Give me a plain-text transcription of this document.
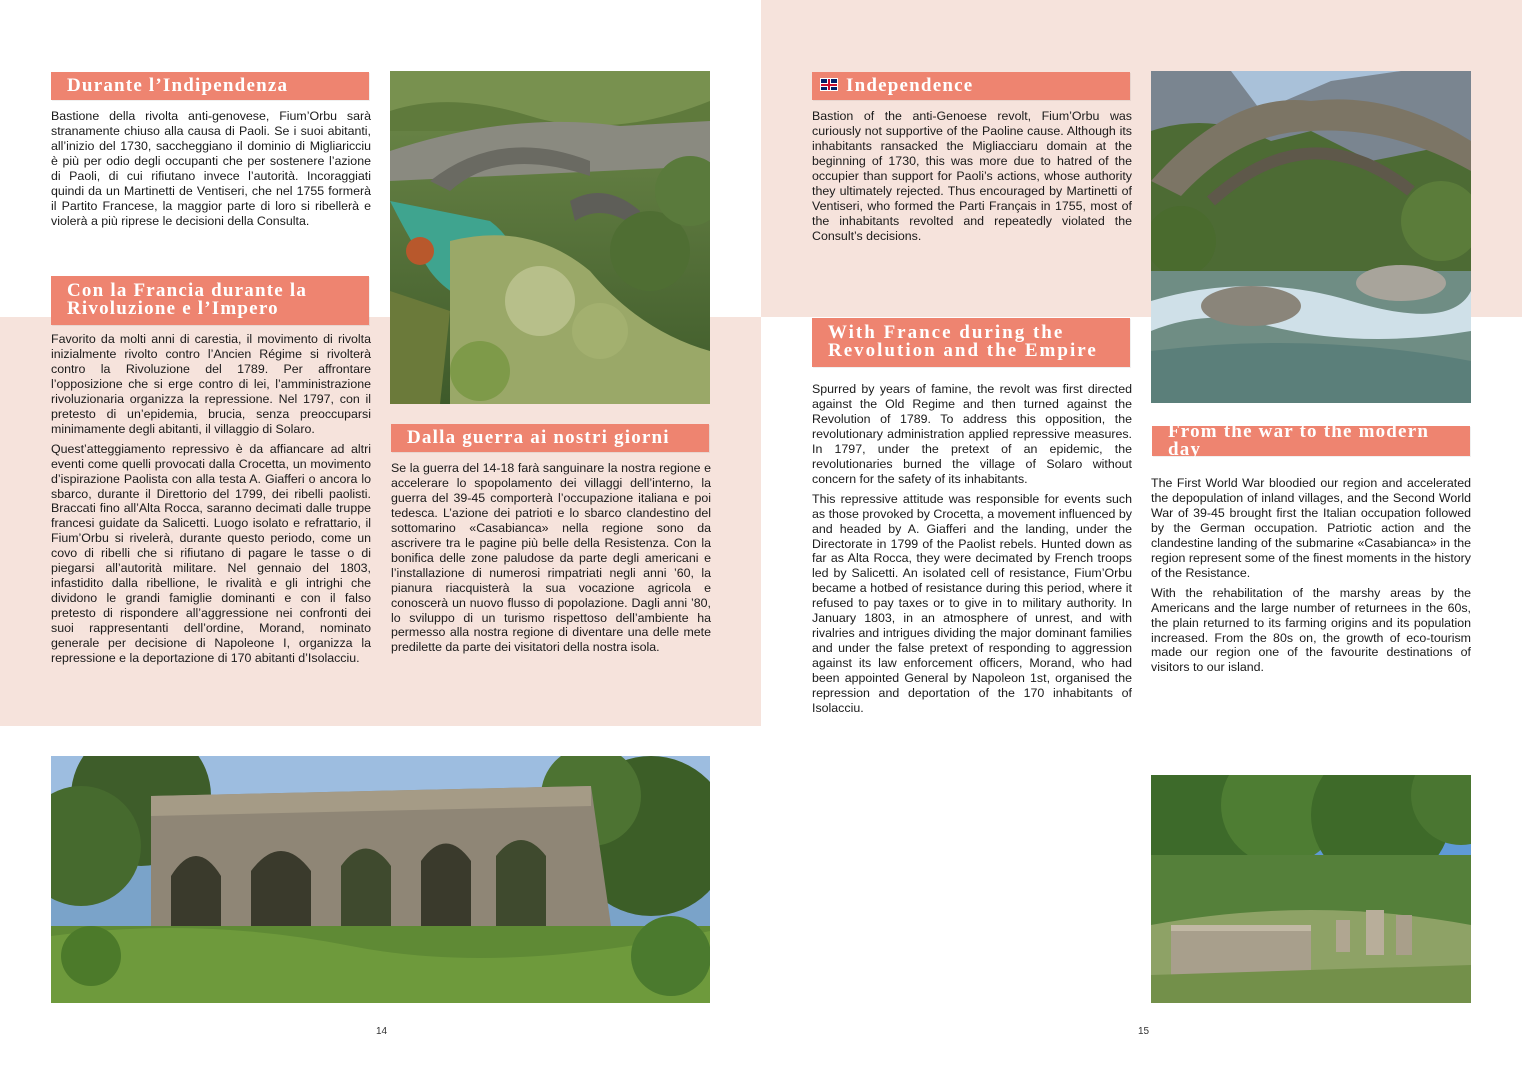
Durante l’Indipendenza

Bastione della rivolta anti-genovese, Fium’Orbu sarà stranamente chiuso alla causa di Paoli. Se i suoi abitanti, all’inizio del 1730, saccheggiano il dominio di Migliaricciu è più per odio degli occupanti che per sostenere l’azione di Paoli, di cui rifiutano invece l’autorità. Incoraggiati quindi da un Martinetti de Ventiseri, che nel 1755 formerà il Partito Francese, la maggior parte di loro si ribellerà e violerà a più riprese le decisioni della Consulta.

Con la Francia durante la
Rivoluzione e l’Impero

Favorito da molti anni di carestia, il movimento di rivolta inizialmente rivolto contro l’Ancien Régime si rivolterà contro la Rivoluzione del 1789. Per affrontare l’opposizione che si erge contro di lei, l’amministrazione rivoluzionaria organizza la repressione. Nel 1797, con il pretesto di un’epidemia, brucia, senza preoccuparsi minimamente degli abitanti, il villaggio di Solaro.

Quest’atteggiamento repressivo è da affiancare ad altri eventi come quelli provocati dalla Crocetta, un movimento d’ispirazione Paolista con alla testa A. Giafferi o ancora lo sbarco, durante il Direttorio del 1799, dei ribelli paolisti. Braccati fino all’Alta Rocca, saranno decimati dalle truppe francesi guidate da Salicetti. Luogo isolato e refrattario, il Fium’Orbu si rivelerà, durante questo periodo, come un covo di ribelli che si rifiutano di pagare le tasse o di piegarsi all’autorità militare. Nel gennaio del 1803, infastidito dalla ribellione, le rivalità e gli intrighi che dividono le grandi famiglie dominanti e con il falso pretesto di rispondere all’aggressione nei confronti dei suoi rappresentanti dell’ordine, Morand, nominato generale per decisione di Napoleone I, organizza la repressione e la deportazione di 170 abitanti d’Isolacciu.

Dalla guerra ai nostri giorni

Se la guerra del 14-18 farà sanguinare la nostra regione e accelerare lo spopolamento dei villaggi dell’interno, la guerra del 39-45 comporterà l’occupazione italiana e poi tedesca. L’azione dei patrioti e lo sbarco clandestino del sottomarino «Casabianca» nella regione sono da ascrivere tra le pagine più belle della Resistenza. Con la bonifica delle zone paludose da parte degli americani e l’installazione di numerosi rimpatriati negli anni ’60, la pianura riacquisterà la sua vocazione agricola e conoscerà un nuovo flusso di popolazione. Dagli anni ’80, lo sviluppo di un turismo rispettoso dell’ambiente ha permesso alla nostra regione di diventare una delle mete predilette da parte dei visitatori della nostra isola.

14
Independence

Bastion of the anti-Genoese revolt, Fium’Orbu was curiously not supportive of the Paoline cause. Although its inhabitants ransacked the Migliacciaru domain at the beginning of 1730, this was more due to hatred of the occupier than support for Paoli’s actions, whose authority they ultimately rejected. Thus encouraged by Martinetti of Ventiseri, who formed the Parti Français in 1755, most of the inhabitants revolted and repeatedly violated the Consult’s decisions.

With France during the
Revolution and the Empire

Spurred by years of famine, the revolt was first directed against the Old Regime and then turned against the Revolution of 1789. To address this opposition, the revolutionary administration applied repressive measures. In 1797, under the pretext of an epidemic, the revolutionaries burned the village of Solaro without concern for the safety of its inhabitants.

This repressive attitude was responsible for events such as those provoked by Crocetta, a movement influenced by and headed by A. Giafferi and the landing, under the Directorate in 1799 of the Paolist rebels. Hunted down as far as Alta Rocca, they were decimated by French troops led by Salicetti. An isolated cell of resistance, Fium’Orbu became a hotbed of resistance during this period, where it refused to pay taxes or to give in to military authority. In January 1803, in an atmosphere of unrest, and with rivalries and intrigues dividing the major dominant families and under the false pretext of responding to aggression against its law enforcement officers, Morand, who had been appointed General by Napoleon 1st, organised the repression and deportation of the 170 inhabitants of Isolacciu.

From the war to the modern day

The First World War bloodied our region and accelerated the depopulation of inland villages, and the Second World War of 39-45 brought first the Italian occupation followed by the German occupation. Patriotic action and the clandestine landing of the submarine «Casabianca» in the region represent some of the finest moments in the history of the Resistance.

With the rehabilitation of the marshy areas by the Americans and the large number of returnees in the 60s, the plain returned to its farming origins and its population increased. From the 80s on, the growth of eco-tourism made our region one of the favourite destinations of visitors to our island.

15
